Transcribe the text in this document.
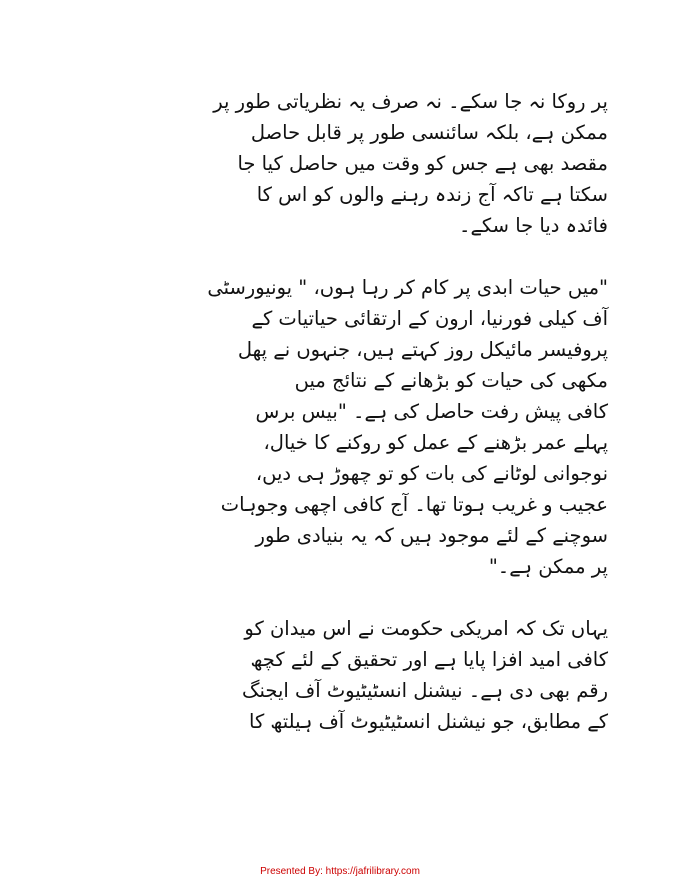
پر روکا نہ جا سکے۔ نہ صرف یہ نظریاتی طور پر
ممکن ہے، بلکہ سائنسی طور پر قابل حاصل
مقصد بھی ہے جس کو وقت میں حاصل کیا جا
سکتا ہے تاکہ آج زندہ رہنے والوں کو اس کا
فائدہ دیا جا سکے۔
"میں حیات ابدی پر کام کر رہا ہوں، " یونیورسٹی
آف کیلی فورنیا، ارون کے ارتقائی حیاتیات کے
پروفیسر مائیکل روز کہتے ہیں، جنہوں نے پھل
مکھی کی حیات کو بڑھانے کے نتائج میں
کافی پیش رفت حاصل کی ہے۔ "بیس برس
پہلے عمر بڑھنے کے عمل کو روکنے کا خیال،
نوجوانی لوٹانے کی بات کو تو چھوڑ ہی دیں،
عجیب و غریب ہوتا تھا۔ آج کافی اچھی وجوہات
سوچنے کے لئے موجود ہیں کہ یہ بنیادی طور
پر ممکن ہے۔"
یہاں تک کہ امریکی حکومت نے اس میدان کو
کافی امید افزا پایا ہے اور تحقیق کے لئے کچھ
رقم بھی دی ہے۔ نیشنل انسٹیٹیوٹ آف ایجنگ
کے مطابق، جو نیشنل انسٹیٹیوٹ آف ہیلتھ کا
Presented By: https://jafrilibrary.com
